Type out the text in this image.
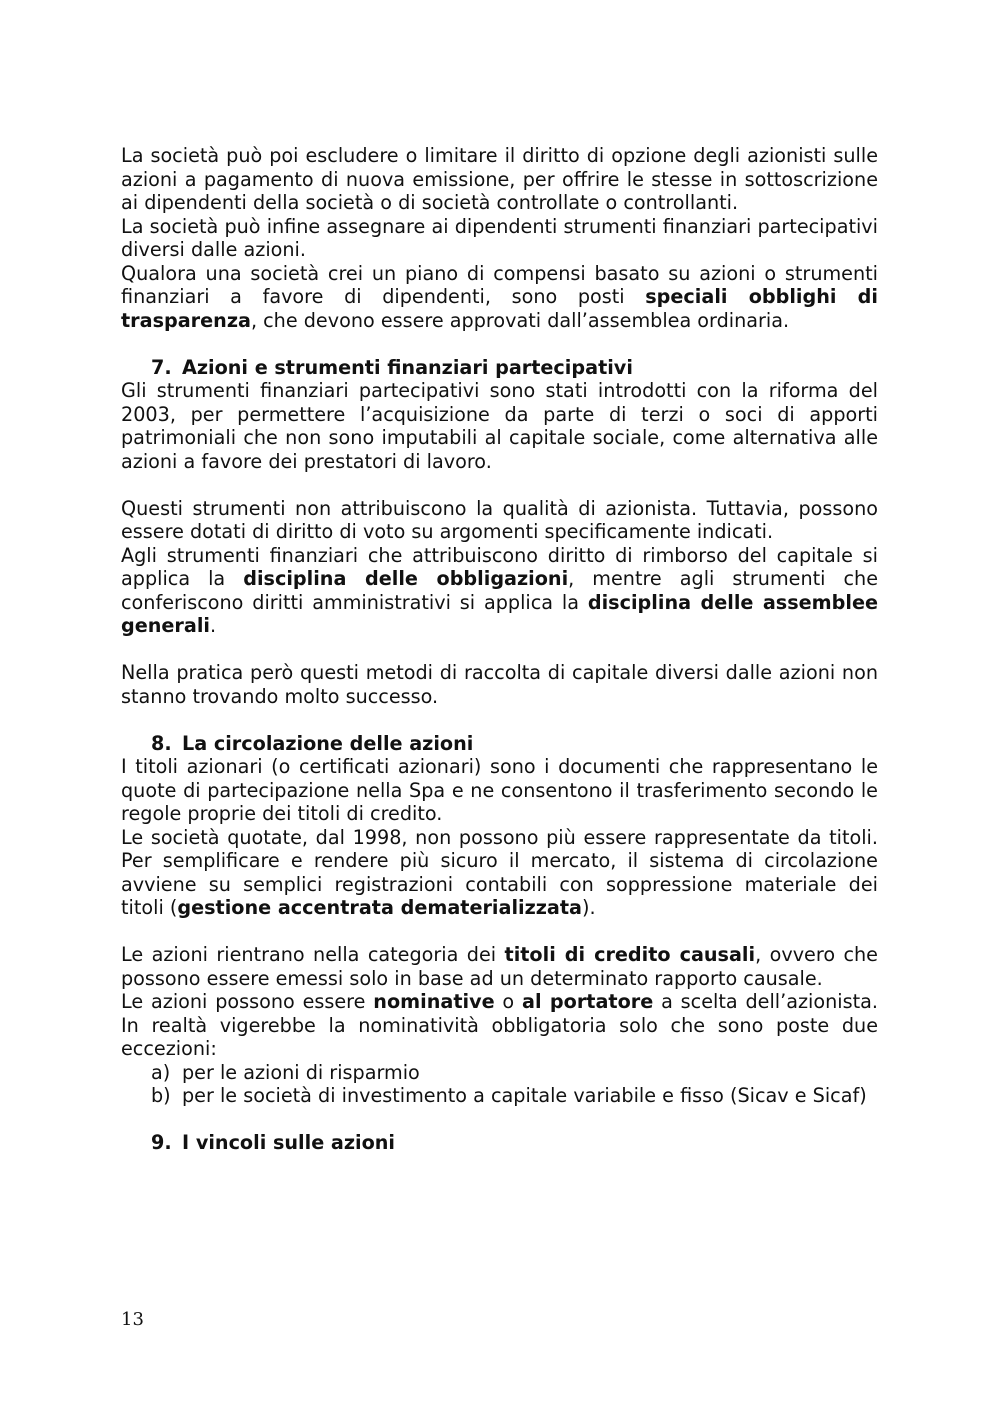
La società può poi escludere o limitare il diritto di opzione degli azionisti sulle azioni a pagamento di nuova emissione, per offrire le stesse in sottoscrizione ai dipendenti della società o di società controllate o controllanti.

La società può infine assegnare ai dipendenti strumenti finanziari partecipativi diversi dalle azioni.

Qualora una società crei un piano di compensi basato su azioni o strumenti finanziari a favore di dipendenti, sono posti speciali obblighi di trasparenza, che devono essere approvati dall’assemblea ordinaria.

7. Azioni e strumenti finanziari partecipativi

Gli strumenti finanziari partecipativi sono stati introdotti con la riforma del 2003, per permettere l’acquisizione da parte di terzi o soci di apporti patrimoniali che non sono imputabili al capitale sociale, come alternativa alle azioni a favore dei prestatori di lavoro.

Questi strumenti non attribuiscono la qualità di azionista. Tuttavia, possono essere dotati di diritto di voto su argomenti specificamente indicati.

Agli strumenti finanziari che attribuiscono diritto di rimborso del capitale si applica la disciplina delle obbligazioni, mentre agli strumenti che conferiscono diritti amministrativi si applica la disciplina delle assemblee generali.

Nella pratica però questi metodi di raccolta di capitale diversi dalle azioni non stanno trovando molto successo.

8. La circolazione delle azioni

I titoli azionari (o certificati azionari) sono i documenti che rappresentano le quote di partecipazione nella Spa e ne consentono il trasferimento secondo le regole proprie dei titoli di credito.

Le società quotate, dal 1998, non possono più essere rappresentate da titoli. Per semplificare e rendere più sicuro il mercato, il sistema di circolazione avviene su semplici registrazioni contabili con soppressione materiale dei titoli (gestione accentrata dematerializzata).

Le azioni rientrano nella categoria dei titoli di credito causali, ovvero che possono essere emessi solo in base ad un determinato rapporto causale.

Le azioni possono essere nominative o al portatore a scelta dell’azionista. In realtà vigerebbe la nominatività obbligatoria solo che sono poste due eccezioni:

a) per le azioni di risparmio
b) per le società di investimento a capitale variabile e fisso (Sicav e Sicaf)

9. I vincoli sulle azioni

13
